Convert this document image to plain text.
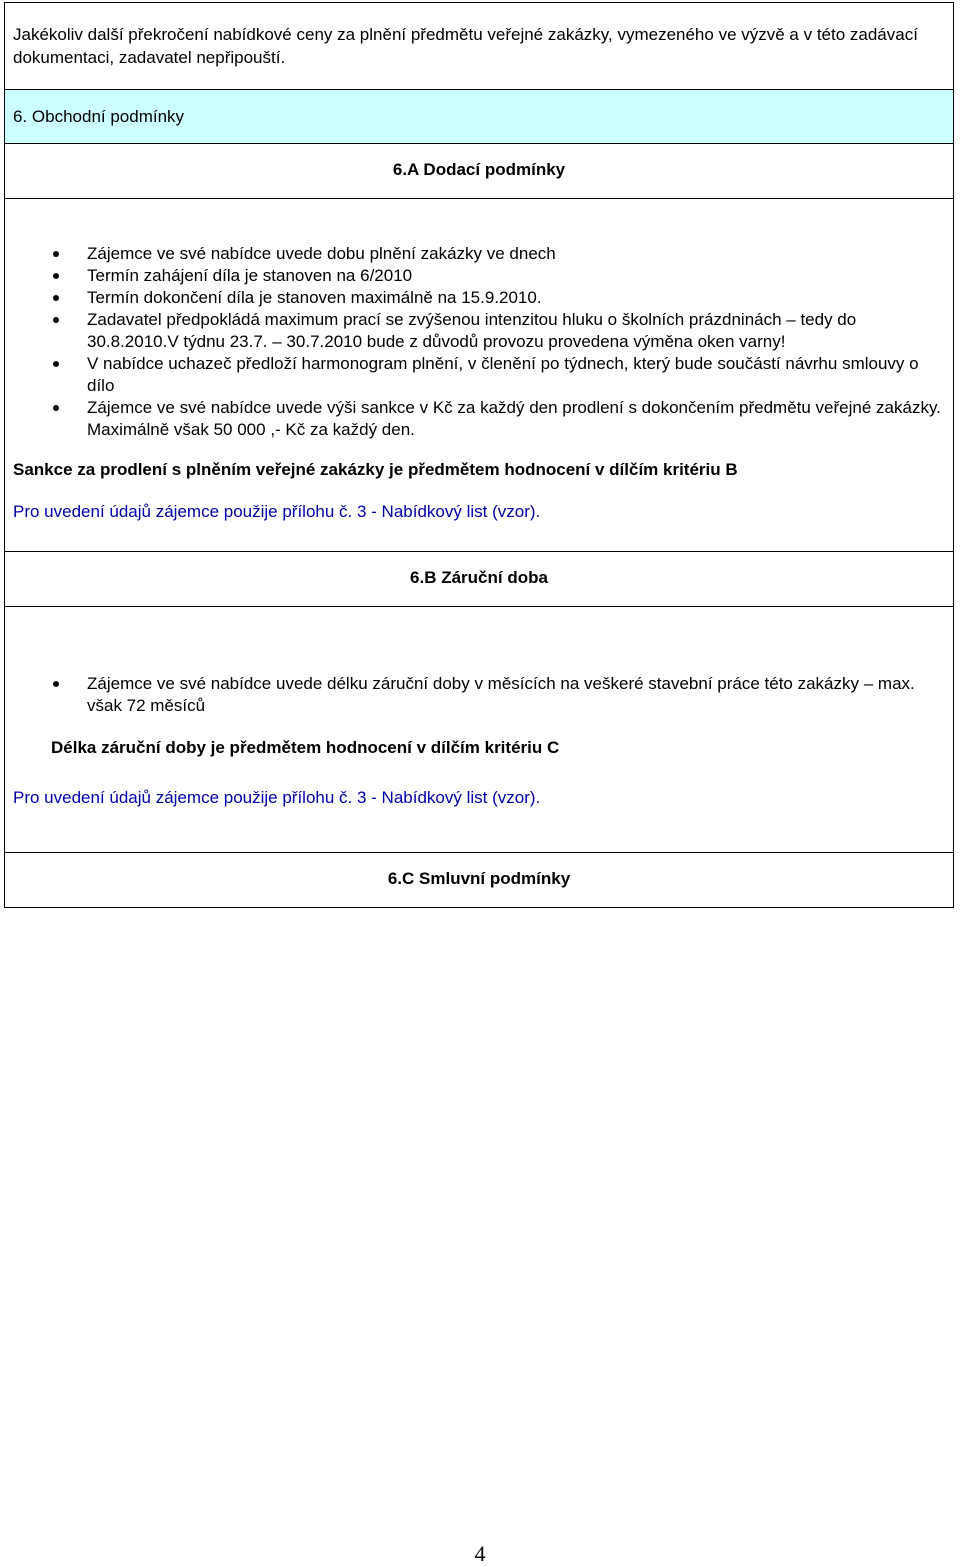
Jakékoliv další překročení nabídkové ceny za plnění předmětu veřejné zakázky, vymezeného ve výzvě a v této zadávací dokumentaci, zadavatel nepřipouští.

6. Obchodní podmínky

6.A Dodací podmínky

Zájemce ve své nabídce uvede dobu plnění zakázky ve dnech
Termín zahájení díla je stanoven na 6/2010
Termín dokončení díla je stanoven maximálně na 15.9.2010.
Zadavatel předpokládá maximum prací se zvýšenou intenzitou hluku o školních prázdninách – tedy do 30.8.2010.V týdnu 23.7. – 30.7.2010 bude z důvodů provozu provedena výměna oken varny!
V nabídce uchazeč předloží harmonogram plnění, v členění po týdnech, který bude součástí návrhu smlouvy o dílo
Zájemce ve své nabídce uvede výši sankce v Kč za každý den prodlení s dokončením předmětu veřejné zakázky. Maximálně však 50 000 ,- Kč za každý den.

Sankce za prodlení s plněním veřejné zakázky je předmětem hodnocení v dílčím kritériu B

Pro uvedení údajů zájemce použije přílohu č. 3 - Nabídkový list (vzor).

6.B Záruční doba

Zájemce ve své nabídce uvede délku záruční doby v měsících na veškeré stavební práce této zakázky – max. však 72 měsíců

Délka záruční doby je předmětem hodnocení v dílčím kritériu C

Pro uvedení údajů zájemce použije přílohu č. 3 - Nabídkový list (vzor).

6.C Smluvní podmínky

4
